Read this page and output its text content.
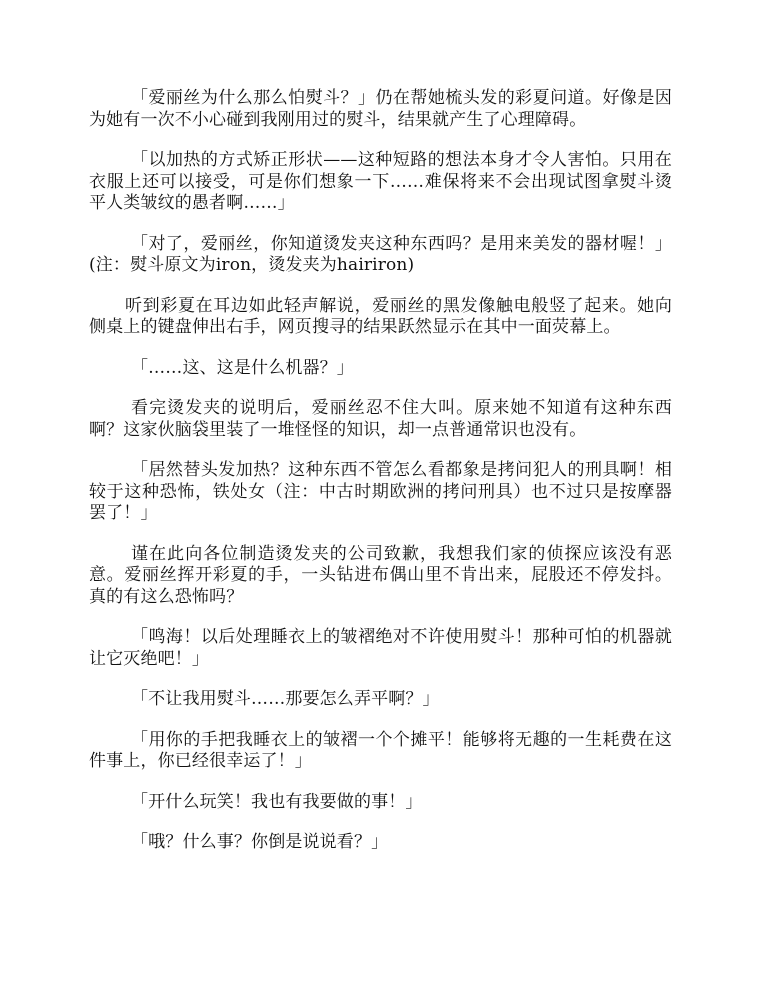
「爱丽丝为什么那么怕熨斗？」仍在帮她梳头发的彩夏问道。好像是因为她有一次不小心碰到我刚用过的熨斗，结果就产生了心理障碍。

「以加热的方式矫正形状——这种短路的想法本身才令人害怕。只用在衣服上还可以接受，可是你们想象一下……难保将来不会出现试图拿熨斗烫平人类皱纹的愚者啊……」

「对了，爱丽丝，你知道烫发夹这种东西吗？是用来美发的器材喔！」(注：熨斗原文为iron，烫发夹为hairiron)

听到彩夏在耳边如此轻声解说，爱丽丝的黑发像触电般竖了起来。她向侧桌上的键盘伸出右手，网页搜寻的结果跃然显示在其中一面荧幕上。

「……这、这是什么机器？」

看完烫发夹的说明后，爱丽丝忍不住大叫。原来她不知道有这种东西啊？这家伙脑袋里装了一堆怪怪的知识，却一点普通常识也没有。

「居然替头发加热？这种东西不管怎么看都象是拷问犯人的刑具啊！相较于这种恐怖，铁处女（注：中古时期欧洲的拷问刑具）也不过只是按摩器罢了！」

谨在此向各位制造烫发夹的公司致歉，我想我们家的侦探应该没有恶意。爱丽丝挥开彩夏的手，一头钻进布偶山里不肯出来，屁股还不停发抖。真的有这么恐怖吗？

「鸣海！以后处理睡衣上的皱褶绝对不许使用熨斗！那种可怕的机器就让它灭绝吧！」

「不让我用熨斗……那要怎么弄平啊？」

「用你的手把我睡衣上的皱褶一个个摊平！能够将无趣的一生耗费在这件事上，你已经很幸运了！」

「开什么玩笑！我也有我要做的事！」

「哦？什么事？你倒是说说看？」
